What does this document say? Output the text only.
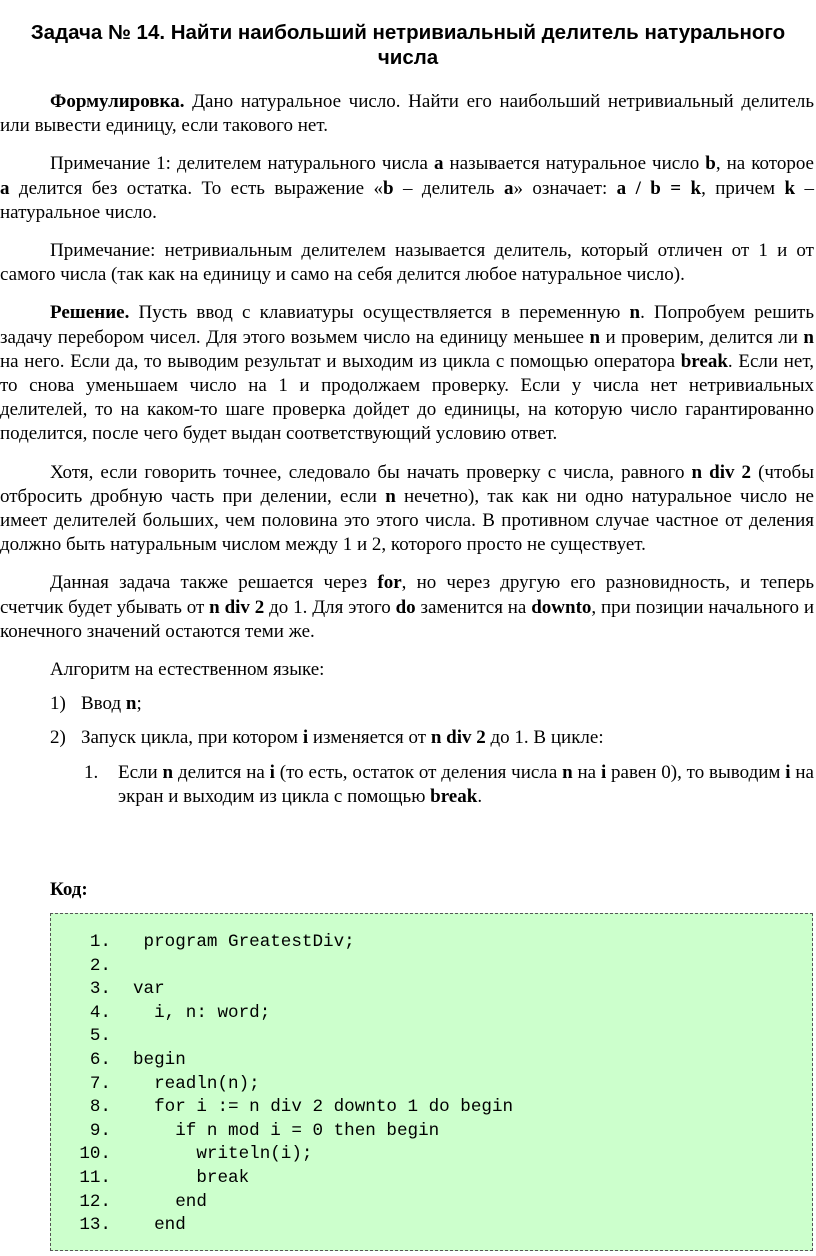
Задача № 14. Найти наибольший нетривиальный делитель натурального
числа

Формулировка. Дано натуральное число. Найти его наибольший нетривиальный делитель или вывести единицу, если такового нет.

Примечание 1: делителем натурального числа a называется натуральное число b, на которое a делится без остатка. То есть выражение «b – делитель a» означает: a / b = k, причем k – натуральное число.

Примечание: нетривиальным делителем называется делитель, который отличен от 1 и от самого числа (так как на единицу и само на себя делится любое натуральное число).

Решение. Пусть ввод с клавиатуры осуществляется в переменную n. Попробуем решить задачу перебором чисел. Для этого возьмем число на единицу меньшее n и проверим, делится ли n на него. Если да, то выводим результат и выходим из цикла с помощью оператора break. Если нет, то снова уменьшаем число на 1 и продолжаем проверку. Если у числа нет нетривиальных делителей, то на каком-то шаге проверка дойдет до единицы, на которую число гарантированно поделится, после чего будет выдан соответствующий условию ответ.

Хотя, если говорить точнее, следовало бы начать проверку с числа, равного n div 2 (чтобы отбросить дробную часть при делении, если n нечетно), так как ни одно натуральное число не имеет делителей больших, чем половина это этого числа. В противном случае частное от деления должно быть натуральным числом между 1 и 2, которого просто не существует.

Данная задача также решается через for, но через другую его разновидность, и теперь счетчик будет убывать от n div 2 до 1. Для этого do заменится на downto, при позиции начального и конечного значений остаются теми же.

Алгоритм на естественном языке:

1) Ввод n;
2) Запуск цикла, при котором i изменяется от n div 2 до 1. В цикле:
1. Если n делится на i (то есть, остаток от деления числа n на i равен 0), то выводим i на экран и выходим из цикла с помощью break.
Код:
1.	program GreatestDiv;
2.
3.	var
4.	i, n: word;
5.
6.	begin
7.	readln(n);
8.	for i := n div 2 downto 1 do begin
9.	if n mod i = 0 then begin
10.	writeln(i);
11.	break
12.	end
13.	end
